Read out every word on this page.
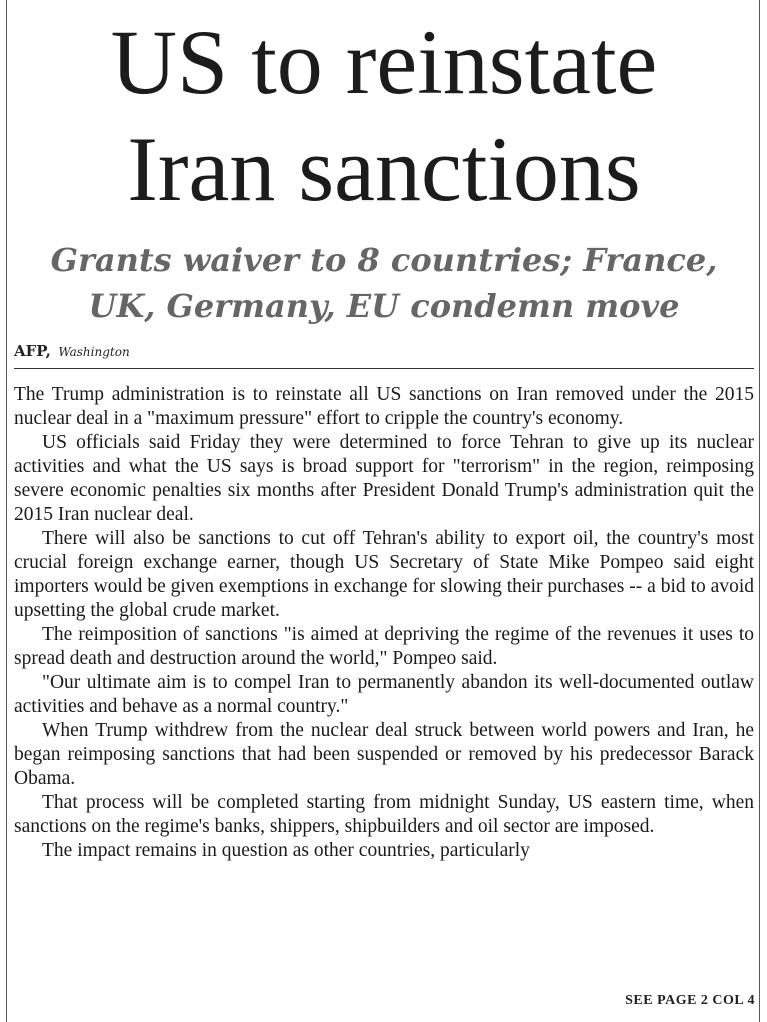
US to reinstate
Iran sanctions
Grants waiver to 8 countries; France,
UK, Germany, EU condemn move
AFP, Washington

The Trump administration is to reinstate all US sanctions on Iran removed under the 2015 nuclear deal in a "maximum pressure" effort to cripple the country's economy.

US officials said Friday they were determined to force Tehran to give up its nuclear activities and what the US says is broad support for "terrorism" in the region, reimposing severe economic penalties six months after President Donald Trump's administration quit the 2015 Iran nuclear deal.

There will also be sanctions to cut off Tehran's ability to export oil, the country's most crucial foreign exchange earner, though US Secretary of State Mike Pompeo said eight importers would be given exemptions in exchange for slowing their purchases -- a bid to avoid upsetting the global crude market.

The reimposition of sanctions "is aimed at depriving the regime of the revenues it uses to spread death and destruction around the world," Pompeo said.

"Our ultimate aim is to compel Iran to permanently abandon its well-documented outlaw activities and behave as a normal country."

When Trump withdrew from the nuclear deal struck between world powers and Iran, he began reimposing sanctions that had been suspended or removed by his predecessor Barack Obama.

That process will be completed starting from midnight Sunday, US eastern time, when sanctions on the regime's banks, shippers, shipbuilders and oil sector are imposed.

The impact remains in question as other countries, particularly

SEE PAGE 2 COL 4
